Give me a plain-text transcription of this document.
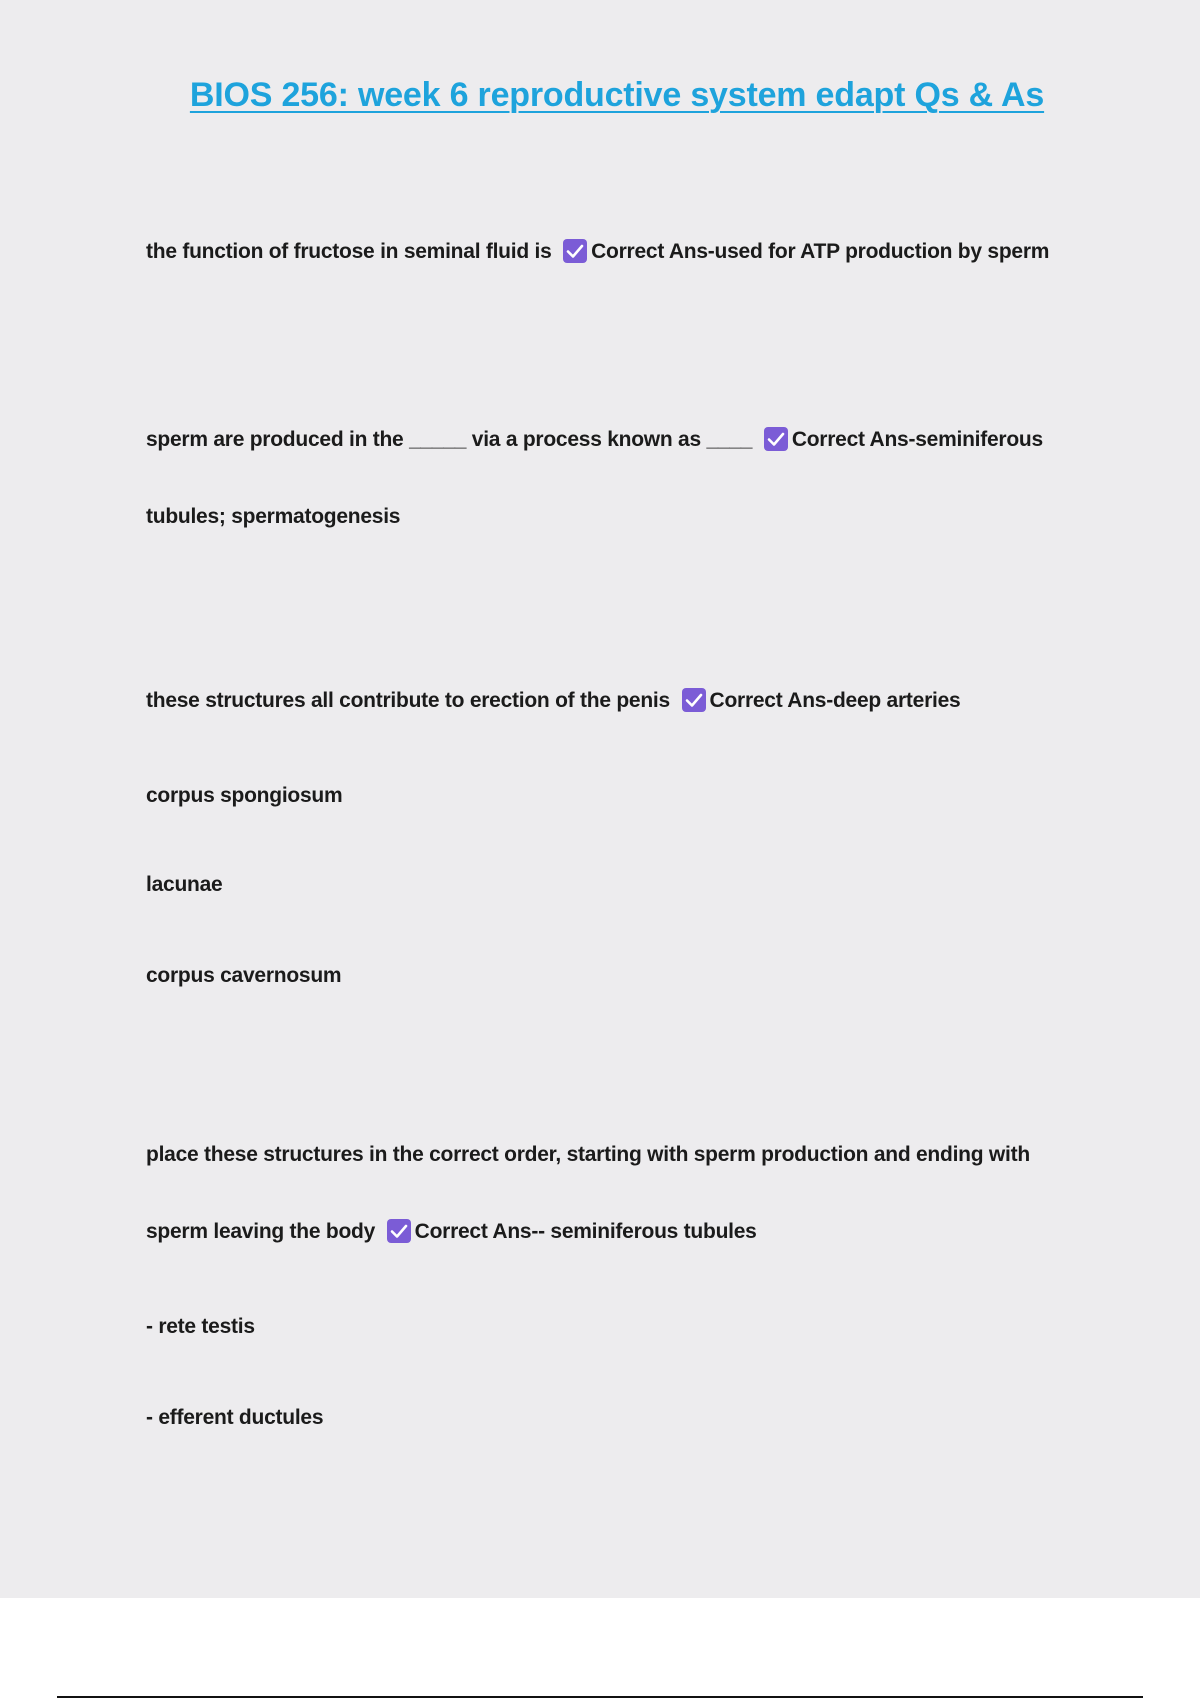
BIOS 256: week 6 reproductive system edapt Qs & As
the function of fructose in seminal fluid is Correct Ans-used for ATP production by sperm
sperm are produced in the _____ via a process known as ____ Correct Ans-seminiferous
tubules; spermatogenesis
these structures all contribute to erection of the penis Correct Ans-deep arteries
corpus spongiosum
lacunae
corpus cavernosum
place these structures in the correct order, starting with sperm production and ending with
sperm leaving the body Correct Ans-- seminiferous tubules
- rete testis
- efferent ductules
